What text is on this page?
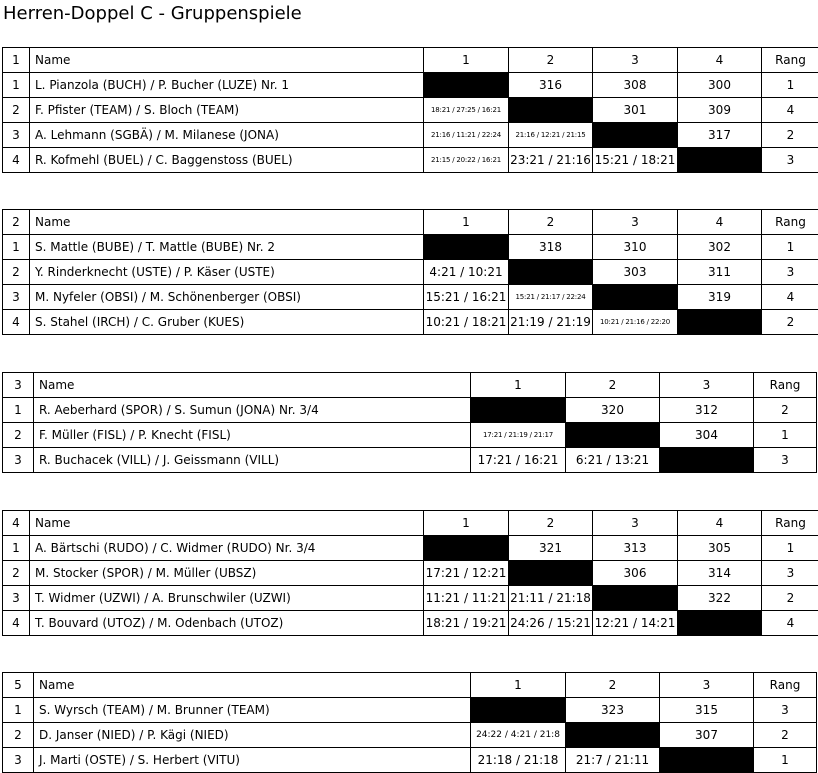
Herren-Doppel C - Gruppenspiele
1	Name	1	2	3	4	Rang
1	L. Pianzola (BUCH) / P. Bucher (LUZE) Nr. 1		316	308	300	1
2	F. Pfister (TEAM) / S. Bloch (TEAM)	18:21 / 27:25 / 16:21		301	309	4
3	A. Lehmann (SGBÄ) / M. Milanese (JONA)	21:16 / 11:21 / 22:24	21:16 / 12:21 / 21:15		317	2
4	R. Kofmehl (BUEL) / C. Baggenstoss (BUEL)	21:15 / 20:22 / 16:21	23:21 / 21:16	15:21 / 18:21		3
2	Name	1	2	3	4	Rang
1	S. Mattle (BUBE) / T. Mattle (BUBE) Nr. 2		318	310	302	1
2	Y. Rinderknecht (USTE) / P. Käser (USTE)	4:21 / 10:21		303	311	3
3	M. Nyfeler (OBSI) / M. Schönenberger (OBSI)	15:21 / 16:21	15:21 / 21:17 / 22:24		319	4
4	S. Stahel (IRCH) / C. Gruber (KUES)	10:21 / 18:21	21:19 / 21:19	10:21 / 21:16 / 22:20		2
3	Name	1	2	3	Rang
1	R. Aeberhard (SPOR) / S. Sumun (JONA) Nr. 3/4		320	312	2
2	F. Müller (FISL) / P. Knecht (FISL)	17:21 / 21:19 / 21:17		304	1
3	R. Buchacek (VILL) / J. Geissmann (VILL)	17:21 / 16:21	6:21 / 13:21		3
4	Name	1	2	3	4	Rang
1	A. Bärtschi (RUDO) / C. Widmer (RUDO) Nr. 3/4		321	313	305	1
2	M. Stocker (SPOR) / M. Müller (UBSZ)	17:21 / 12:21		306	314	3
3	T. Widmer (UZWI) / A. Brunschwiler (UZWI)	11:21 / 11:21	21:11 / 21:18		322	2
4	T. Bouvard (UTOZ) / M. Odenbach (UTOZ)	18:21 / 19:21	24:26 / 15:21	12:21 / 14:21		4
5	Name	1	2	3	Rang
1	S. Wyrsch (TEAM) / M. Brunner (TEAM)		323	315	3
2	D. Janser (NIED) / P. Kägi (NIED)	24:22 / 4:21 / 21:8		307	2
3	J. Marti (OSTE) / S. Herbert (VITU)	21:18 / 21:18	21:7 / 21:11		1
